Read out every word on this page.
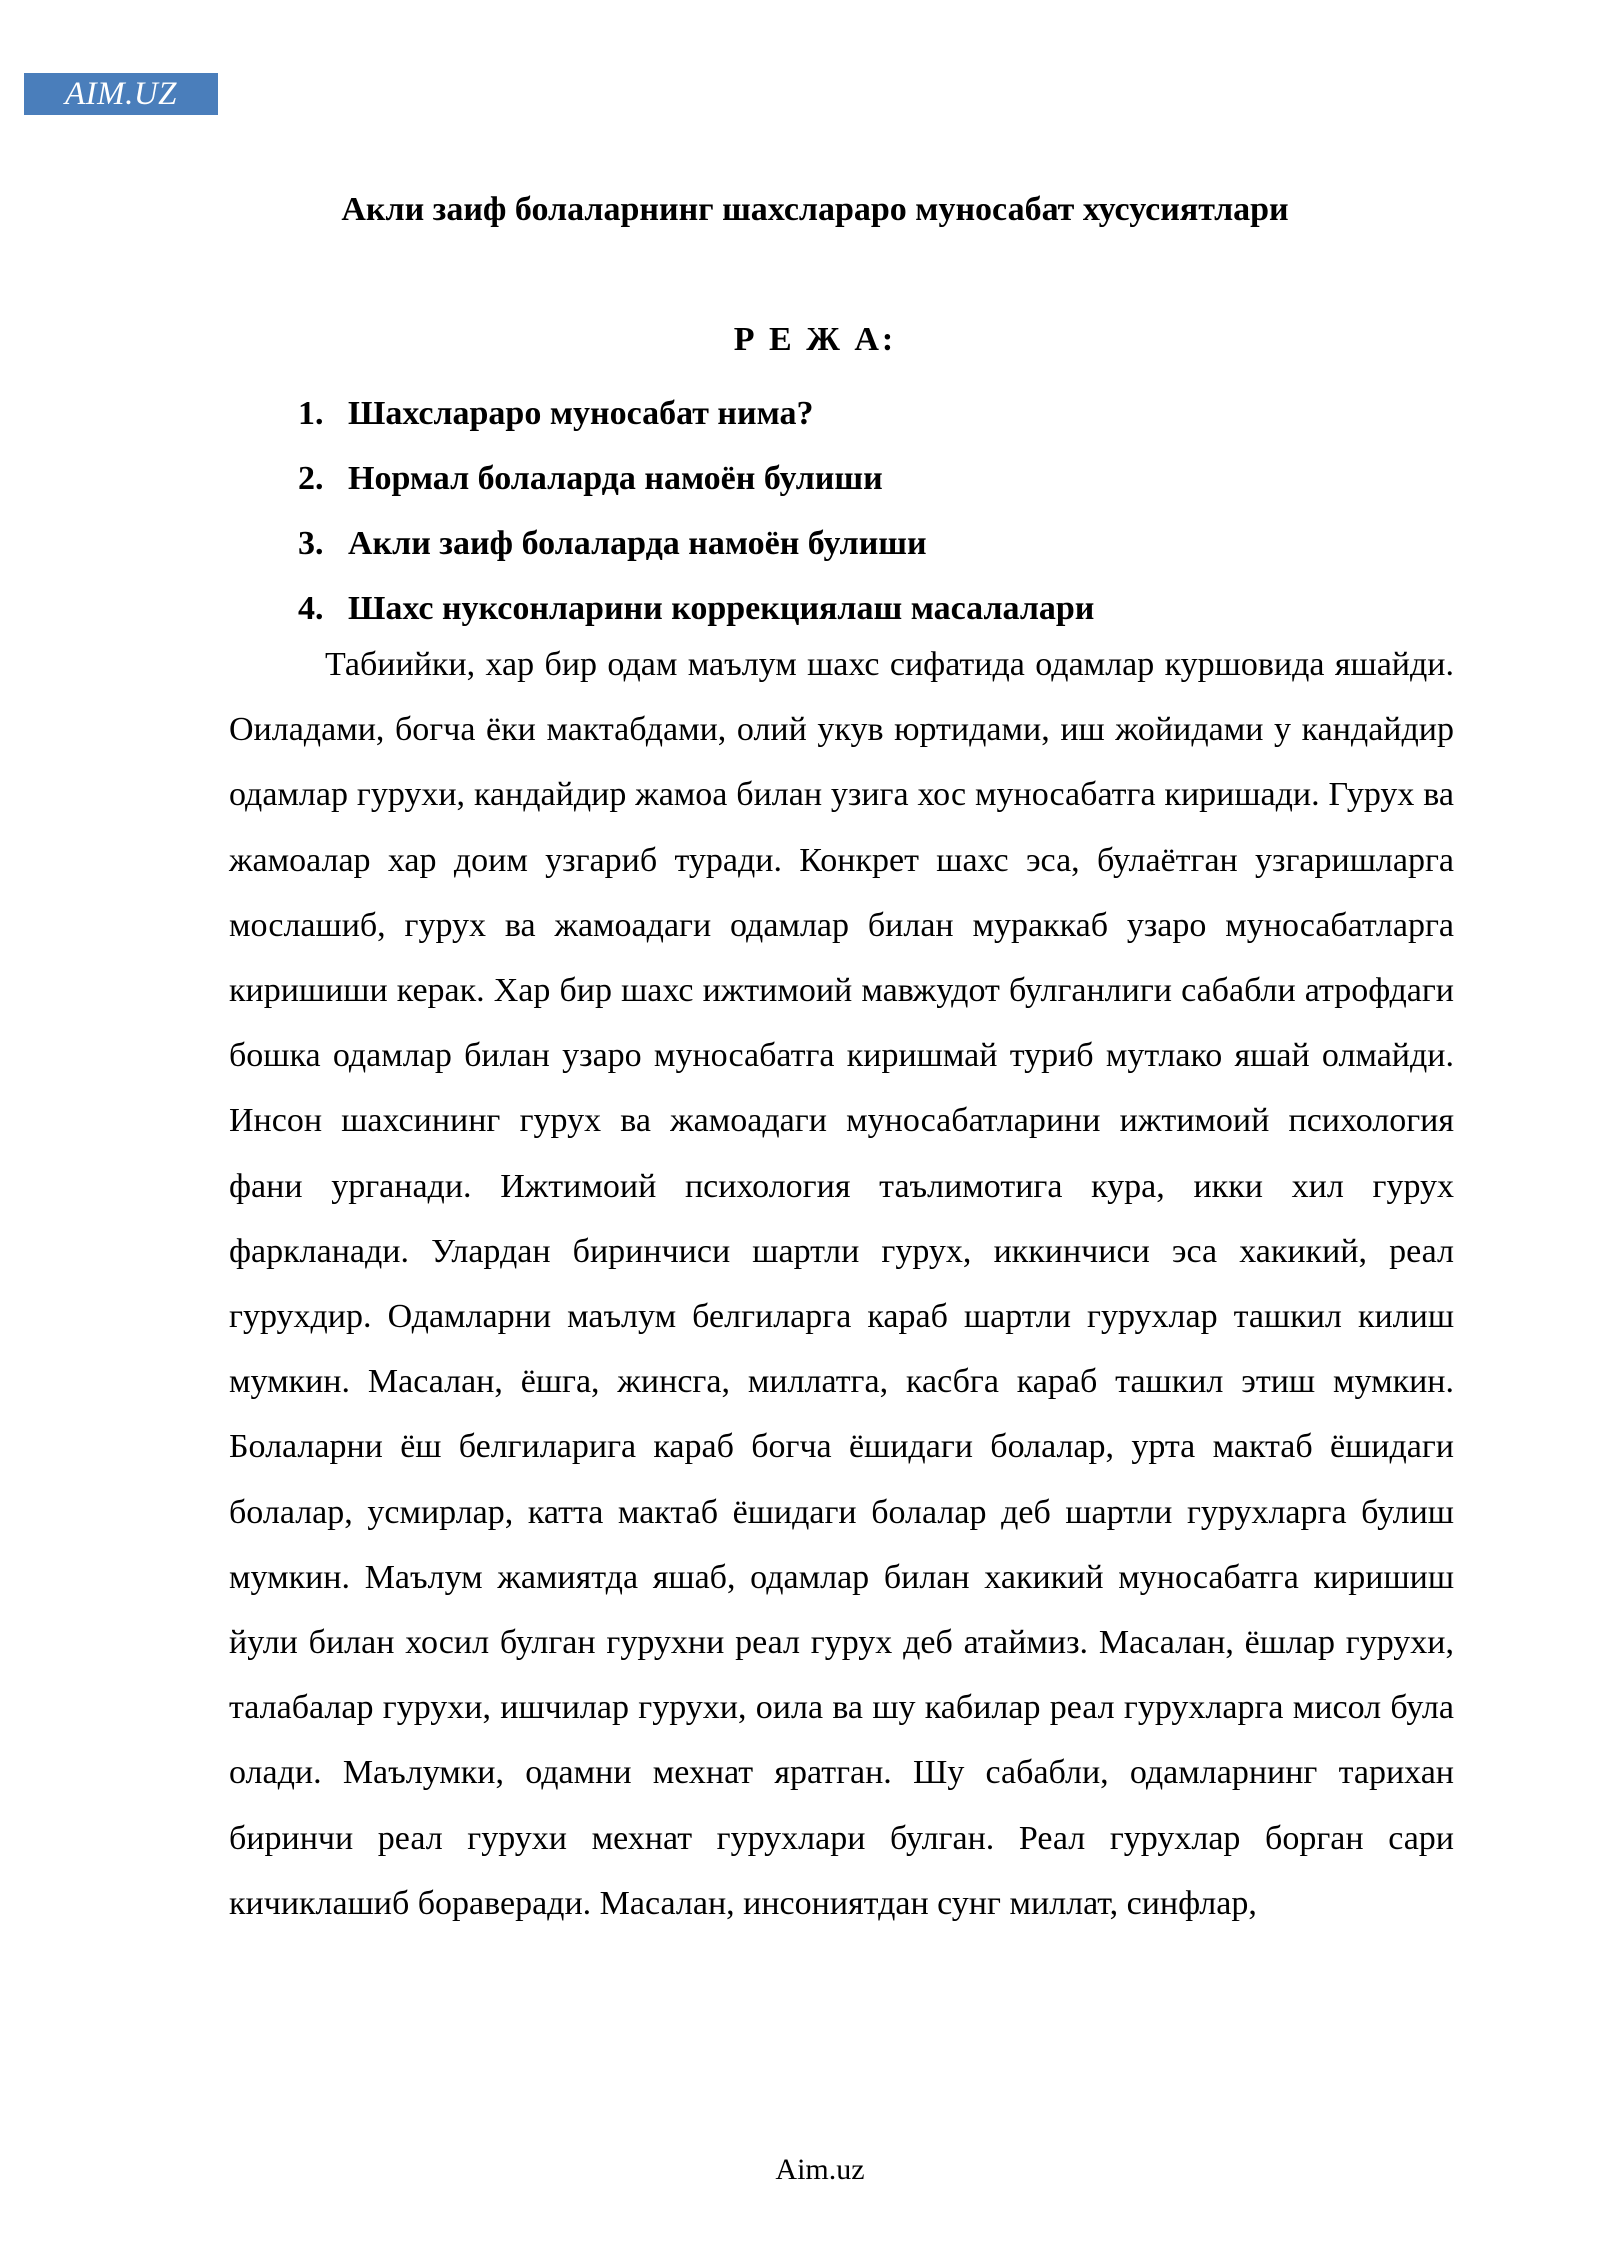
AIM.UZ
Акли заиф болаларнинг шахслараро муносабат хусусиятлари
Р Е Ж А:
1. Шахслараро муносабат нима?
2. Нормал болаларда намоён булиши
3. Акли заиф болаларда намоён булиши
4. Шахс нуксонларини коррекциялаш масалалари

Табиийки, хар бир одам маълум шахс сифатида одамлар куршовида яшайди. Оиладами, богча ёки мактабдами, олий укув юртидами, иш жойидами у кандайдир одамлар гурухи, кандайдир жамоа билан узига хос муносабатга киришади. Гурух ва жамоалар хар доим узгариб туради. Конкрет шахс эса, булаётган узгаришларга мослашиб, гурух ва жамоадаги одамлар билан мураккаб узаро муносабатларга киришиши керак. Хар бир шахс ижтимоий мавжудот булганлиги сабабли атрофдаги бошка одамлар билан узаро муносабатга киришмай туриб мутлако яшай олмайди. Инсон шахсининг гурух ва жамоадаги муносабатларини ижтимоий психология фани урганади. Ижтимоий психология таълимотига кура, икки хил гурух фаркланади. Улардан биринчиси шартли гурух, иккинчиси эса хакикий, реал гурухдир. Одамларни маълум белгиларга караб шартли гурухлар ташкил килиш мумкин. Масалан, ёшга, жинсга, миллатга, касбга караб ташкил этиш мумкин. Болаларни ёш белгиларига караб богча ёшидаги болалар, урта мактаб ёшидаги болалар, усмирлар, катта мактаб ёшидаги болалар деб шартли гурухларга булиш мумкин. Маълум жамиятда яшаб, одамлар билан хакикий муносабатга киришиш йули билан хосил булган гурухни реал гурух деб атаймиз. Масалан, ёшлар гурухи, талабалар гурухи, ишчилар гурухи, оила ва шу кабилар реал гурухларга мисол була олади. Маълумки, одамни мехнат яратган. Шу сабабли, одамларнинг тарихан биринчи реал гурухи мехнат гурухлари булган. Реал гурухлар борган сари кичиклашиб бораверади. Масалан, инсониятдан сунг миллат, синфлар,

Aim.uz
